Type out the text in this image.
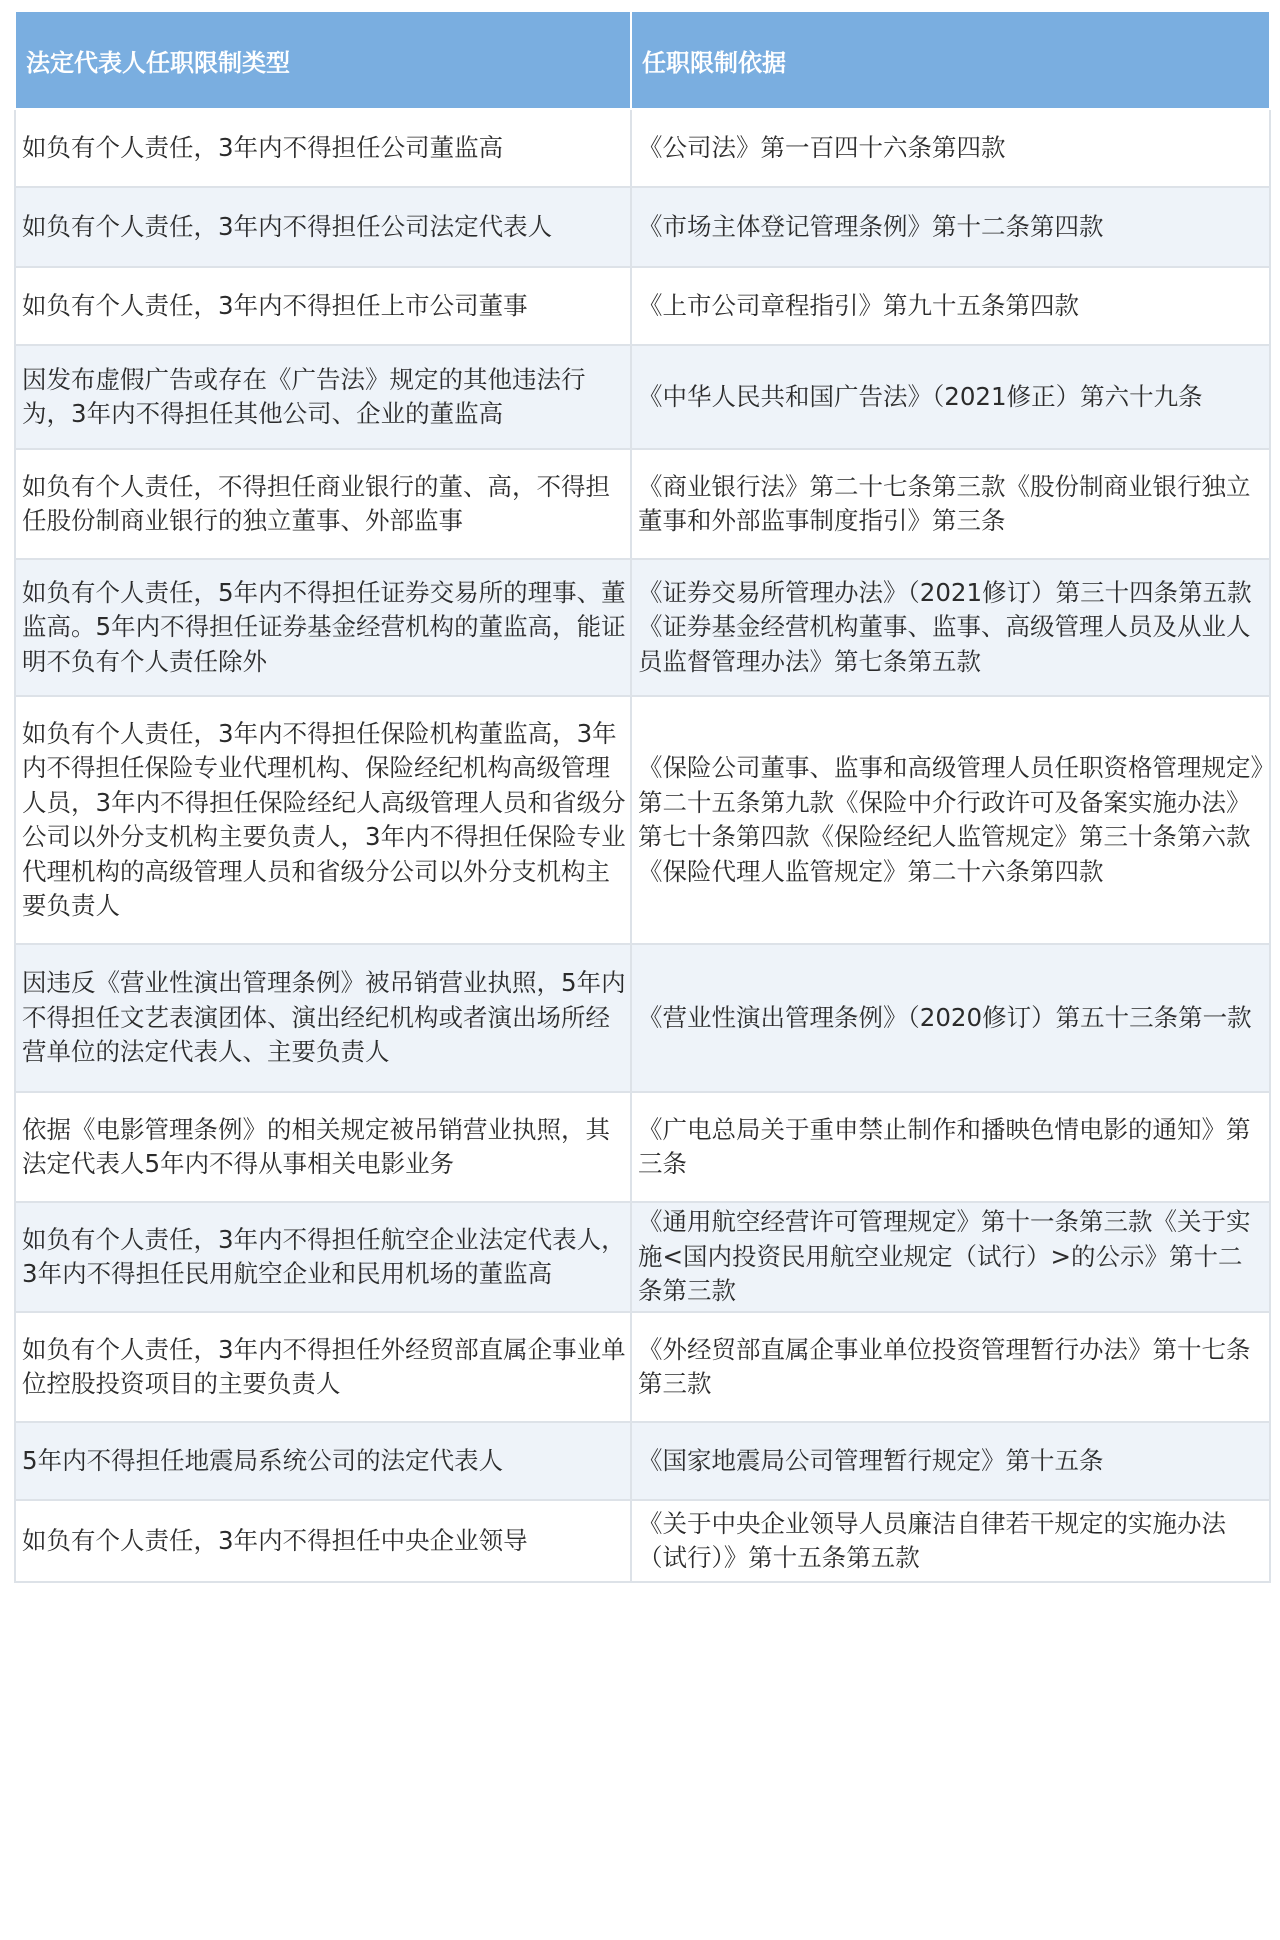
法定代表人任职限制类型	任职限制依据
如负有个人责任，3年内不得担任公司董监高	《公司法》第一百四十六条第四款
如负有个人责任，3年内不得担任公司法定代表人	《市场主体登记管理条例》第十二条第四款
如负有个人责任，3年内不得担任上市公司董事	《上市公司章程指引》第九十五条第四款
因发布虚假广告或存在《广告法》规定的其他违法行为，3年内不得担任其他公司、企业的董监高	《中华人民共和国广告法》（2021修正）第六十九条
如负有个人责任，不得担任商业银行的董、高，不得担任股份制商业银行的独立董事、外部监事	《商业银行法》第二十七条第三款《股份制商业银行独立董事和外部监事制度指引》第三条
如负有个人责任，5年内不得担任证券交易所的理事、董监高。5年内不得担任证券基金经营机构的董监高，能证明不负有个人责任除外	《证券交易所管理办法》（2021修订）第三十四条第五款《证券基金经营机构董事、监事、高级管理人员及从业人员监督管理办法》第七条第五款
如负有个人责任，3年内不得担任保险机构董监高，3年内不得担任保险专业代理机构、保险经纪机构高级管理人员，3年内不得担任保险经纪人高级管理人员和省级分公司以外分支机构主要负责人，3年内不得担任保险专业代理机构的高级管理人员和省级分公司以外分支机构主要负责人	《保险公司董事、监事和高级管理人员任职资格管理规定》第二十五条第九款《保险中介行政许可及备案实施办法》第七十条第四款《保险经纪人监管规定》第三十条第六款《保险代理人监管规定》第二十六条第四款
因违反《营业性演出管理条例》被吊销营业执照，5年内不得担任文艺表演团体、演出经纪机构或者演出场所经营单位的法定代表人、主要负责人	《营业性演出管理条例》（2020修订）第五十三条第一款
依据《电影管理条例》的相关规定被吊销营业执照，其法定代表人5年内不得从事相关电影业务	《广电总局关于重申禁止制作和播映色情电影的通知》第三条
如负有个人责任，3年内不得担任航空企业法定代表人，3年内不得担任民用航空企业和民用机场的董监高	《通用航空经营许可管理规定》第十一条第三款《关于实施<国内投资民用航空业规定（试行）>的公示》第十二条第三款
如负有个人责任，3年内不得担任外经贸部直属企事业单位控股投资项目的主要负责人	《外经贸部直属企事业单位投资管理暂行办法》第十七条第三款
5年内不得担任地震局系统公司的法定代表人	《国家地震局公司管理暂行规定》第十五条
如负有个人责任，3年内不得担任中央企业领导	《关于中央企业领导人员廉洁自律若干规定的实施办法（试行）》第十五条第五款
